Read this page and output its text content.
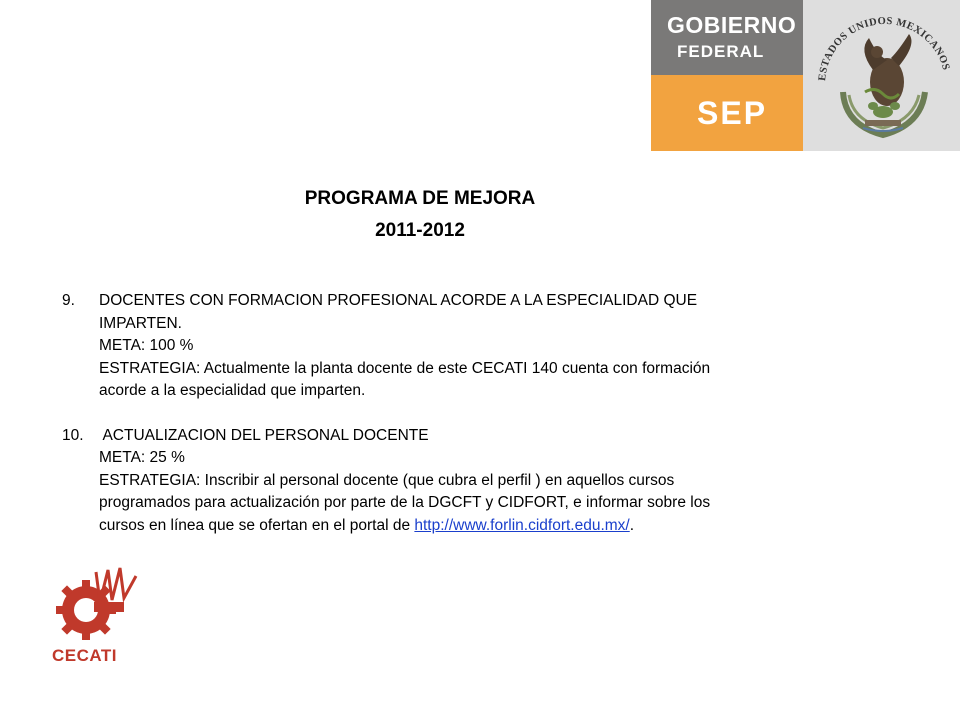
GOBIERNO
FEDERAL
SEP
ESTADOS UNIDOS MEXICANOS
PROGRAMA DE MEJORA
2011-2012
9. DOCENTES CON FORMACION PROFESIONAL ACORDE A LA ESPECIALIDAD QUE
IMPARTEN.
META: 100 %
ESTRATEGIA: Actualmente la planta docente de este CECATI 140 cuenta con formación
acorde a la especialidad que imparten.
10. ACTUALIZACION DEL PERSONAL DOCENTE
META: 25 %
ESTRATEGIA: Inscribir al personal docente (que cubra el perfil ) en aquellos cursos
programados para actualización por parte de la DGCFT y CIDFORT, e informar sobre los
cursos en línea que se ofertan en el portal de http://www.forlin.cidfort.edu.mx/.
CECATI
